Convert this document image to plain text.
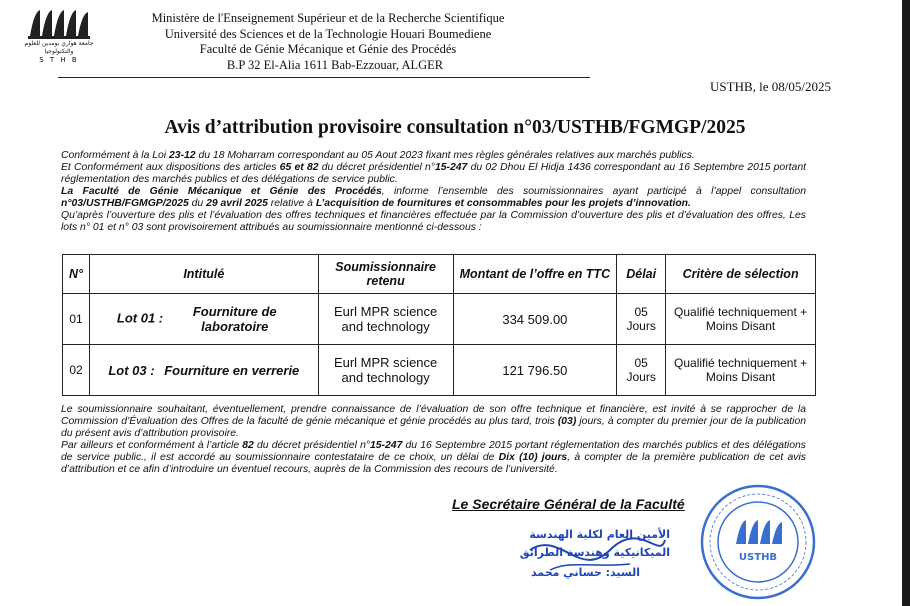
جامعة هواري بومدين للعلوم والتكنولوجيا
S T H B
Ministère de l'Enseignement Supérieur et de la Recherche Scientifique
Université des Sciences et de la Technologie Houari Boumediene
Faculté de Génie Mécanique et Génie des Procédés
B.P 32 El-Alia 1611 Bab-Ezzouar, ALGER
USTHB, le 08/05/2025
Avis d’attribution provisoire consultation n°03/USTHB/FGMGP/2025

Conformément à la Loi 23-12 du 18 Moharram correspondant au 05 Aout 2023 fixant mes règles générales relatives aux marchés publics.

Et Conformément aux dispositions des articles 65 et 82 du décret présidentiel n°15-247 du 02 Dhou El Hidja 1436 correspondant au 16 Septembre 2015 portant réglementation des marchés publics et des délégations de service public.

La Faculté de Génie Mécanique et Génie des Procédés, informe l’ensemble des soumissionnaires ayant participé à l’appel consultation n°03/USTHB/FGMGP/2025 du 29 avril 2025 relative à L’acquisition de fournitures et consommables pour les projets d’innovation.

Qu’après l’ouverture des plis et l’évaluation des offres techniques et financières effectuée par la Commission d’ouverture des plis et d’évaluation des offres, Les lots n° 01 et n° 03 sont provisoirement attribués au soumissionnaire mentionné ci-dessous :

N°	Intitulé	Soumissionnaire retenu	Montant de l’offre en TTC	Délai	Critère de sélection
01	Lot 01 : Fourniture de laboratoire	Eurl MPR science and technology	334 509.00	05 Jours	Qualifié techniquement + Moins Disant
02	Lot 03 : Fourniture en verrerie	Eurl MPR science and technology	121 796.50	05 Jours	Qualifié techniquement + Moins Disant

Le soumissionnaire souhaitant, éventuellement, prendre connaissance de l’évaluation de son offre technique et financière, est invité à se rapprocher de la Commission d’Évaluation des Offres de la faculté de génie mécanique et génie procédés au plus tard, trois (03) jours, à compter du premier jour de la publication du présent avis d’attribution provisoire.

Par ailleurs et conformément à l’article 82 du décret présidentiel n°15-247 du 16 Septembre 2015 portant réglementation des marchés publics et des délégations de service public., il est accordé au soumissionnaire contestataire de ce choix, un délai de Dix (10) jours, à compter de la première publication de cet avis d’attribution et ce afin d’introduire un éventuel recours, auprès de la Commission des recours de l’université.

Le Secrétaire Général de la Faculté
الأمين العام لكلية الهندسة
الميكانيكية وهندسة الطرائق
السيد: حساني محمد
USTHB
